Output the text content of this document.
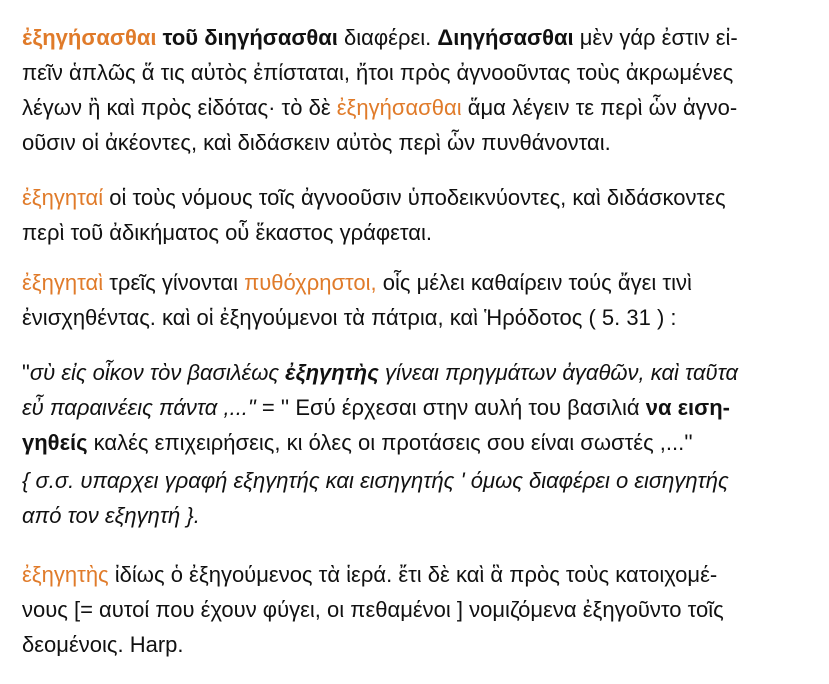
ἐξηγήσασθαι τοῦ διηγήσασθαι διαφέρει. Διηγήσασθαι μὲν γάρ ἐστιν εἰ-
πεῖν ἁπλῶς ἅ τις αὐτὸς ἐπίσταται, ἤτοι πρὸς ἀγνοοῦντας τοὺς ἀκρωμένες
λέγων ἢ καὶ πρὸς εἰδότας· τὸ δὲ ἐξηγήσασθαι ἅμα λέγειν τε περὶ ὧν ἀγνο-
οῦσιν οἱ ἀκέοντες, καὶ διδάσκειν αὐτὸς περὶ ὧν πυνθάνονται.
ἐξηγηταί οἱ τοὺς νόμους τοῖς ἀγνοοῦσιν ὑποδεικνύοντες, καὶ διδάσκοντες
περὶ τοῦ ἀδικήματος οὗ ἕκαστος γράφεται.
ἐξηγηταὶ τρεῖς γίνονται πυθόχρηστοι, οἷς μέλει καθαίρειν τούς ἄγει τινὶ
ἐνισχηθέντας. καὶ οἱ ἐξηγούμενοι τὰ πάτρια, καὶ Ἡρόδοτος ( 5. 31 ) :
"σὺ εἰς οἶκον τὸν βασιλέως ἐξηγητὴς γίνεαι πρηγμάτων ἀγαθῶν, καὶ ταῦτα
εὖ παραινέεις πάντα ,..." = '' Εσύ έρχεσαι στην αυλή του βασιλιά να ειση-
γηθείς καλές επιχειρήσεις, κι όλες οι προτάσεις σου είναι σωστές ,...''
{ σ.σ. υπαρχει γραφή εξηγητής και εισηγητής ' όμως διαφέρει ο εισηγητής
από τον εξηγητή }.
ἐξηγητὴς ἰδίως ὁ ἐξηγούμενος τὰ ἱερά. ἔτι δὲ καὶ ἃ πρὸς τοὺς κατοιχομέ-
νους [= αυτοί που έχουν φύγει, οι πεθαμένοι ] νομιζόμενα ἐξηγοῦντο τοῖς
δεομένοις. Harp.
